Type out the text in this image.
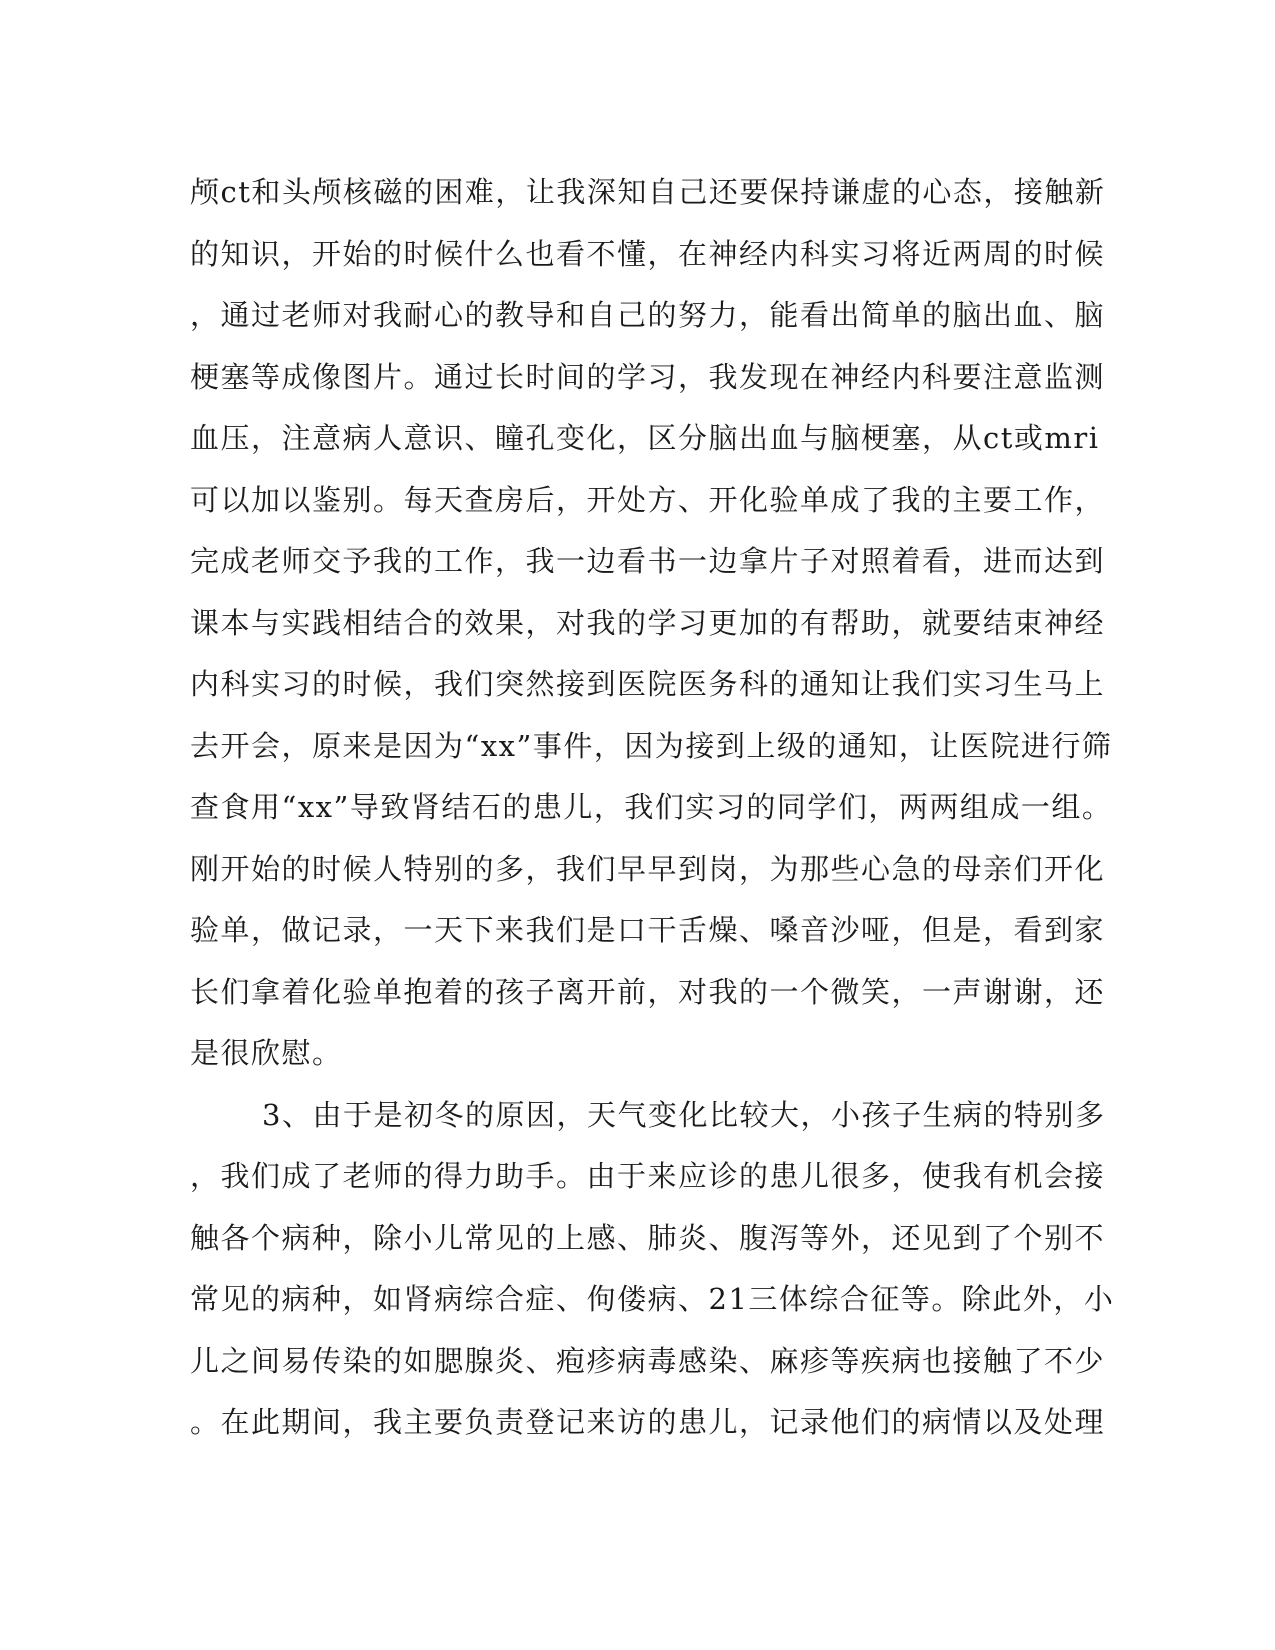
颅ct和头颅核磁的困难，让我深知自己还要保持谦虚的心态，接触新
的知识，开始的时候什么也看不懂，在神经内科实习将近两周的时候
，通过老师对我耐心的教导和自己的努力，能看出简单的脑出血、脑
梗塞等成像图片。通过长时间的学习，我发现在神经内科要注意监测
血压，注意病人意识、瞳孔变化，区分脑出血与脑梗塞，从ct或mri
可以加以鉴别。每天查房后，开处方、开化验单成了我的主要工作，
完成老师交予我的工作，我一边看书一边拿片子对照着看，进而达到
课本与实践相结合的效果，对我的学习更加的有帮助，就要结束神经
内科实习的时候，我们突然接到医院医务科的通知让我们实习生马上
去开会，原来是因为“xx”事件，因为接到上级的通知，让医院进行筛
查食用“xx”导致肾结石的患儿，我们实习的同学们，两两组成一组。
刚开始的时候人特别的多，我们早早到岗，为那些心急的母亲们开化
验单，做记录，一天下来我们是口干舌燥、嗓音沙哑，但是，看到家
长们拿着化验单抱着的孩子离开前，对我的一个微笑，一声谢谢，还
是很欣慰。
3、由于是初冬的原因，天气变化比较大，小孩子生病的特别多
，我们成了老师的得力助手。由于来应诊的患儿很多，使我有机会接
触各个病种，除小儿常见的上感、肺炎、腹泻等外，还见到了个别不
常见的病种，如肾病综合症、佝偻病、21三体综合征等。除此外，小
儿之间易传染的如腮腺炎、疱疹病毒感染、麻疹等疾病也接触了不少
。在此期间，我主要负责登记来访的患儿，记录他们的病情以及处理
